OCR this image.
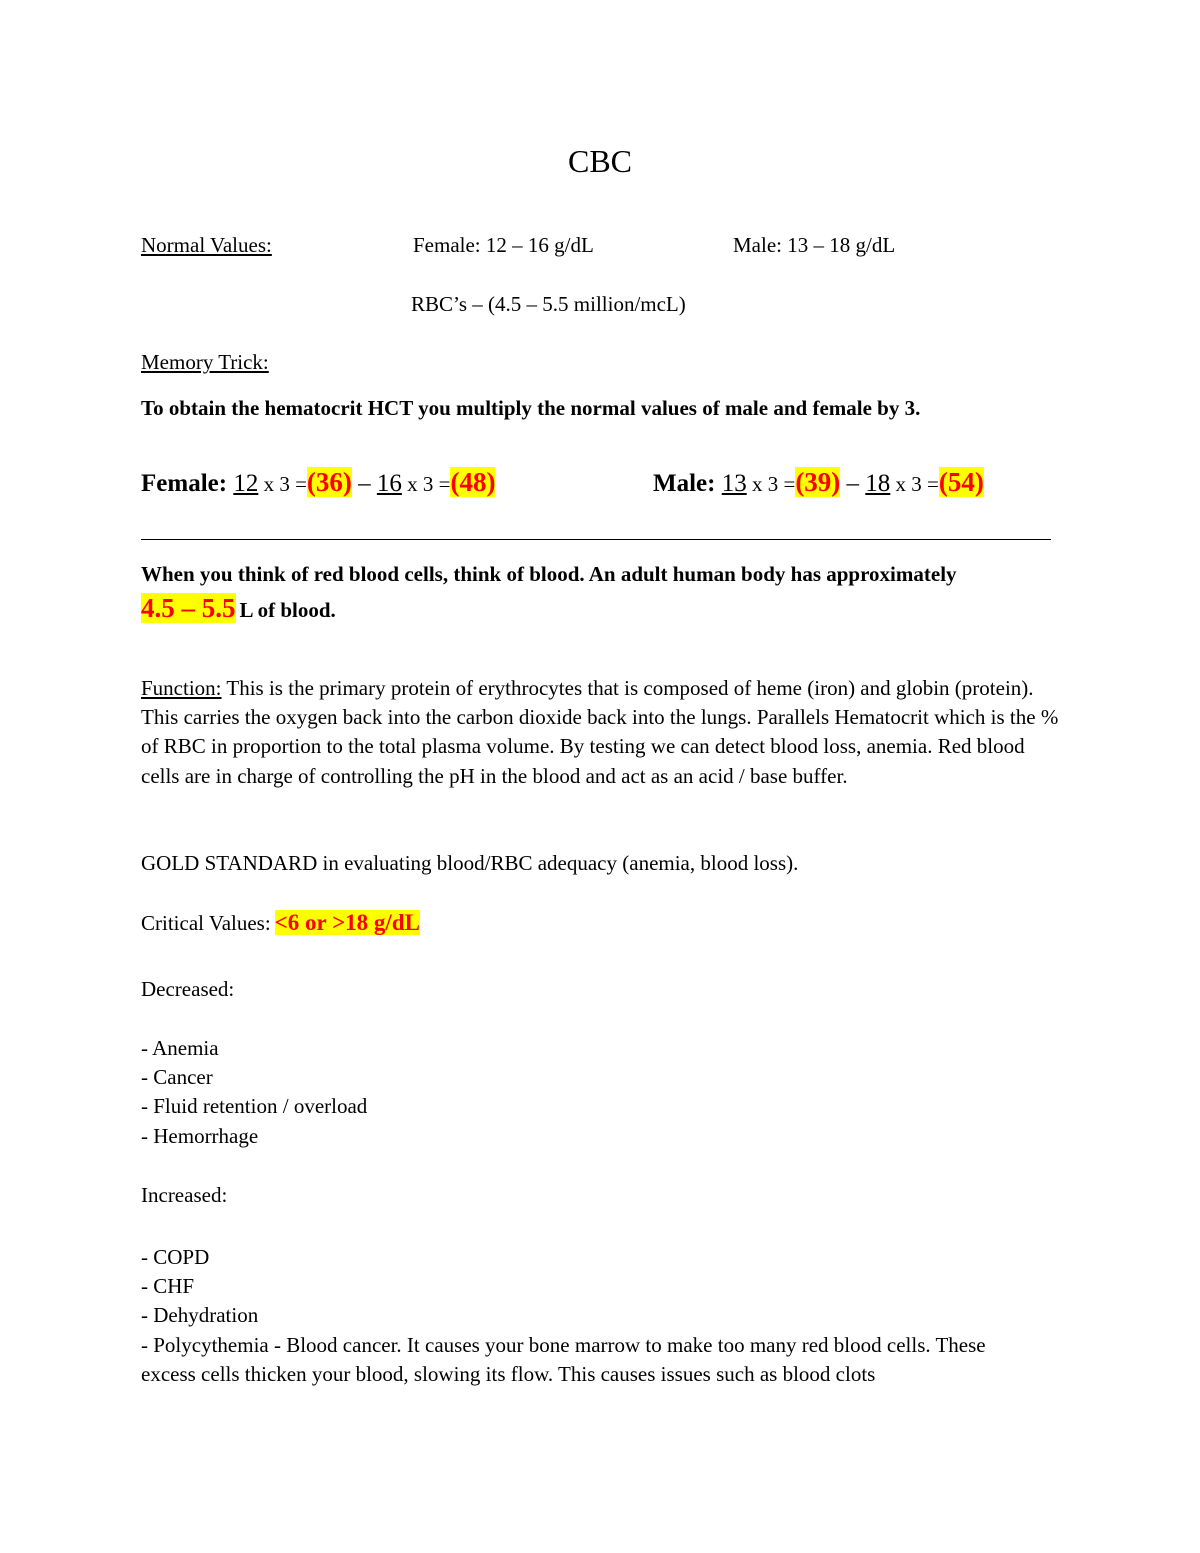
CBC
Normal Values:	Female: 12 – 16 g/dL	Male: 13 – 18 g/dL
RBC’s – (4.5 – 5.5 million/mcL)
Memory Trick:
To obtain the hematocrit HCT you multiply the normal values of male and female by 3.
Female: 12 x 3 =(36) – 16 x 3 =(48)	Male: 13 x 3 =(39) – 18 x 3 =(54)
When you think of red blood cells, think of blood. An adult human body has approximately
4.5 – 5.5 L of blood.
Function: This is the primary protein of erythrocytes that is composed of heme (iron) and globin (protein). This carries the oxygen back into the carbon dioxide back into the lungs. Parallels Hematocrit which is the % of RBC in proportion to the total plasma volume. By testing we can detect blood loss, anemia. Red blood cells are in charge of controlling the pH in the blood and act as an acid / base buffer.
GOLD STANDARD in evaluating blood/RBC adequacy (anemia, blood loss).
Critical Values: <6 or >18 g/dL
Decreased:
- Anemia
- Cancer
- Fluid retention / overload
- Hemorrhage
Increased:
- COPD
- CHF
- Dehydration
- Polycythemia - Blood cancer. It causes your bone marrow to make too many red blood cells. These excess cells thicken your blood, slowing its flow. This causes issues such as blood clots
